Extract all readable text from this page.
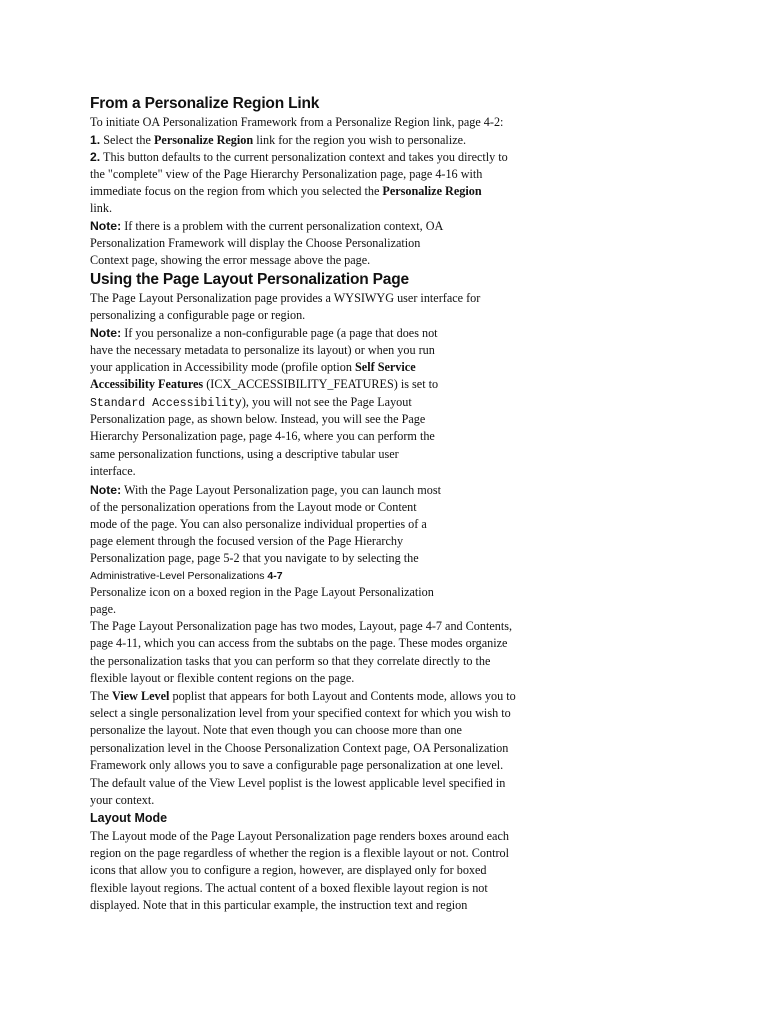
From a Personalize Region Link
To initiate OA Personalization Framework from a Personalize Region link, page 4-2:
1. Select the Personalize Region link for the region you wish to personalize.
2. This button defaults to the current personalization context and takes you directly to
the "complete" view of the Page Hierarchy Personalization page, page 4-16 with
immediate focus on the region from which you selected the Personalize Region
link.
Note: If there is a problem with the current personalization context, OA
Personalization Framework will display the Choose Personalization
Context page, showing the error message above the page.
Using the Page Layout Personalization Page
The Page Layout Personalization page provides a WYSIWYG user interface for
personalizing a configurable page or region.
Note: If you personalize a non-configurable page (a page that does not
have the necessary metadata to personalize its layout) or when you run
your application in Accessibility mode (profile option Self Service
Accessibility Features (ICX_ACCESSIBILITY_FEATURES) is set to
Standard Accessibility), you will not see the Page Layout
Personalization page, as shown below. Instead, you will see the Page
Hierarchy Personalization page, page 4-16, where you can perform the
same personalization functions, using a descriptive tabular user
interface.
Note: With the Page Layout Personalization page, you can launch most
of the personalization operations from the Layout mode or Content
mode of the page. You can also personalize individual properties of a
page element through the focused version of the Page Hierarchy
Personalization page, page 5-2 that you navigate to by selecting the
Administrative-Level Personalizations 4-7
Personalize icon on a boxed region in the Page Layout Personalization
page.
The Page Layout Personalization page has two modes, Layout, page 4-7 and Contents,
page 4-11, which you can access from the subtabs on the page. These modes organize
the personalization tasks that you can perform so that they correlate directly to the
flexible layout or flexible content regions on the page.
The View Level poplist that appears for both Layout and Contents mode, allows you to
select a single personalization level from your specified context for which you wish to
personalize the layout. Note that even though you can choose more than one
personalization level in the Choose Personalization Context page, OA Personalization
Framework only allows you to save a configurable page personalization at one level.
The default value of the View Level poplist is the lowest applicable level specified in
your context.
Layout Mode
The Layout mode of the Page Layout Personalization page renders boxes around each
region on the page regardless of whether the region is a flexible layout or not. Control
icons that allow you to configure a region, however, are displayed only for boxed
flexible layout regions. The actual content of a boxed flexible layout region is not
displayed. Note that in this particular example, the instruction text and region
